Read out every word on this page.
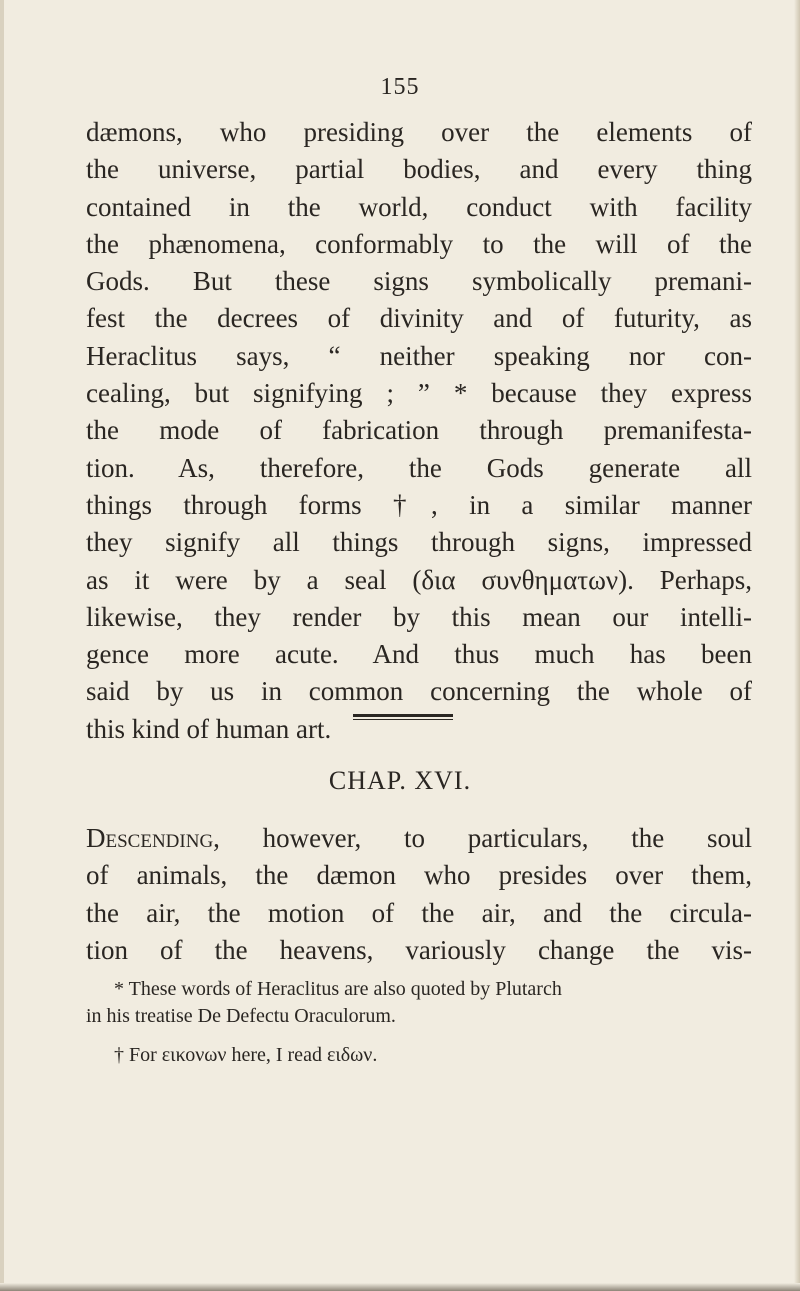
155
dæmons, who presiding over the elements of
the universe, partial bodies, and every thing
contained in the world, conduct with facility
the phænomena, conformably to the will of the
Gods. But these signs symbolically premani-
fest the decrees of divinity and of futurity, as
Heraclitus says, “ neither speaking nor con-
cealing, but signifying ; ” * because they express
the mode of fabrication through premanifesta-
tion. As, therefore, the Gods generate all
things through forms †, in a similar manner
they signify all things through signs, impressed
as it were by a seal (δια συνθηματων). Perhaps,
likewise, they render by this mean our intelli-
gence more acute. And thus much has been
said by us in common concerning the whole of
this kind of human art.
CHAP. XVI.
Descending, however, to particulars, the soul
of animals, the dæmon who presides over them,
the air, the motion of the air, and the circula-
tion of the heavens, variously change the vis-
* These words of Heraclitus are also quoted by Plutarch
in his treatise De Defectu Oraculorum.
† For εικονων here, I read ειδων.
